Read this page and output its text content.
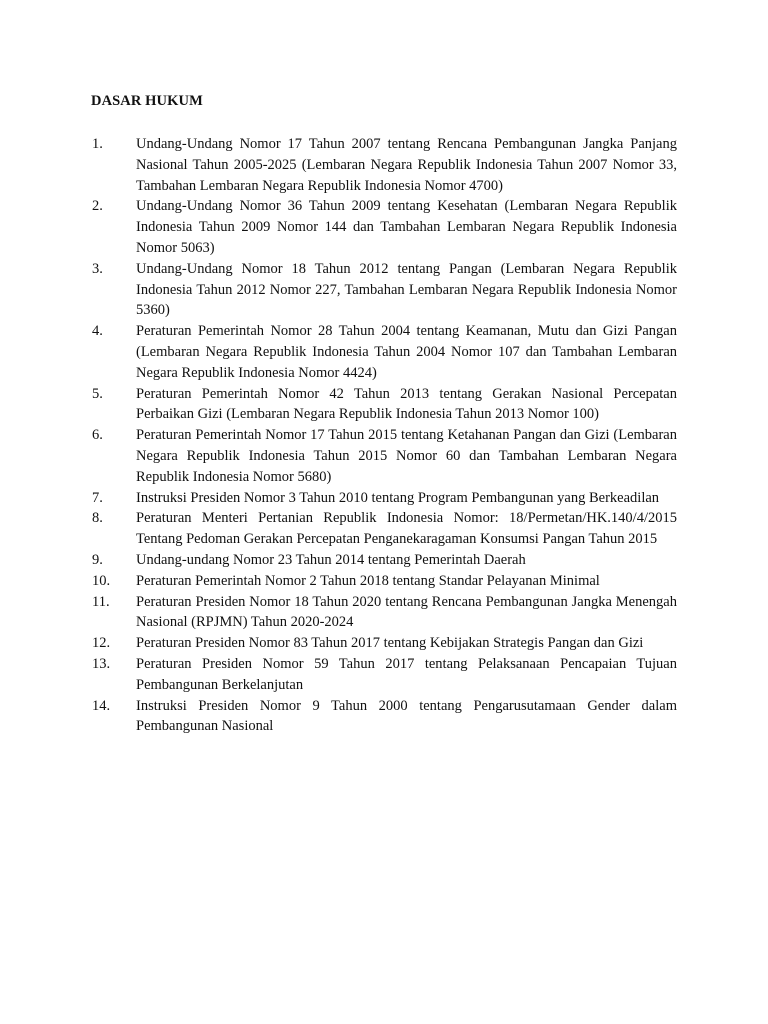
DASAR HUKUM
1.	Undang-Undang Nomor 17 Tahun 2007 tentang Rencana Pembangunan Jangka Panjang Nasional Tahun 2005-2025 (Lembaran Negara Republik Indonesia Tahun 2007 Nomor 33, Tambahan Lembaran Negara Republik Indonesia Nomor 4700)
2.	Undang-Undang Nomor 36 Tahun 2009 tentang Kesehatan (Lembaran Negara Republik Indonesia Tahun 2009 Nomor 144 dan Tambahan Lembaran Negara Republik Indonesia Nomor 5063)
3.	Undang-Undang Nomor 18 Tahun 2012 tentang Pangan (Lembaran Negara Republik Indonesia Tahun 2012 Nomor 227, Tambahan Lembaran Negara Republik Indonesia Nomor 5360)
4.	Peraturan Pemerintah Nomor 28 Tahun 2004 tentang Keamanan, Mutu dan Gizi Pangan (Lembaran Negara Republik Indonesia Tahun 2004 Nomor 107 dan Tambahan Lembaran Negara Republik Indonesia Nomor 4424)
5.	Peraturan Pemerintah Nomor 42 Tahun 2013 tentang Gerakan Nasional Percepatan Perbaikan Gizi (Lembaran Negara Republik Indonesia Tahun 2013 Nomor 100)
6.	Peraturan Pemerintah Nomor 17 Tahun 2015 tentang Ketahanan Pangan dan Gizi (Lembaran Negara Republik Indonesia Tahun 2015 Nomor 60 dan Tambahan Lembaran Negara Republik Indonesia Nomor 5680)
7.	Instruksi Presiden Nomor 3 Tahun 2010 tentang Program Pembangunan yang Berkeadilan
8.	Peraturan Menteri Pertanian Republik Indonesia Nomor: 18/Permetan/HK.140/4/2015 Tentang Pedoman Gerakan Percepatan Penganekaragaman Konsumsi Pangan Tahun 2015
9.	Undang-undang Nomor 23 Tahun 2014 tentang Pemerintah Daerah
10.	Peraturan Pemerintah Nomor 2 Tahun 2018 tentang Standar Pelayanan Minimal
11.	Peraturan Presiden Nomor 18 Tahun 2020 tentang Rencana Pembangunan Jangka Menengah Nasional (RPJMN) Tahun 2020-2024
12.	Peraturan Presiden Nomor 83 Tahun 2017 tentang Kebijakan Strategis Pangan dan Gizi
13.	Peraturan Presiden Nomor 59 Tahun 2017 tentang Pelaksanaan Pencapaian Tujuan Pembangunan Berkelanjutan
14.	Instruksi Presiden Nomor 9 Tahun 2000 tentang Pengarusutamaan Gender dalam Pembangunan Nasional
